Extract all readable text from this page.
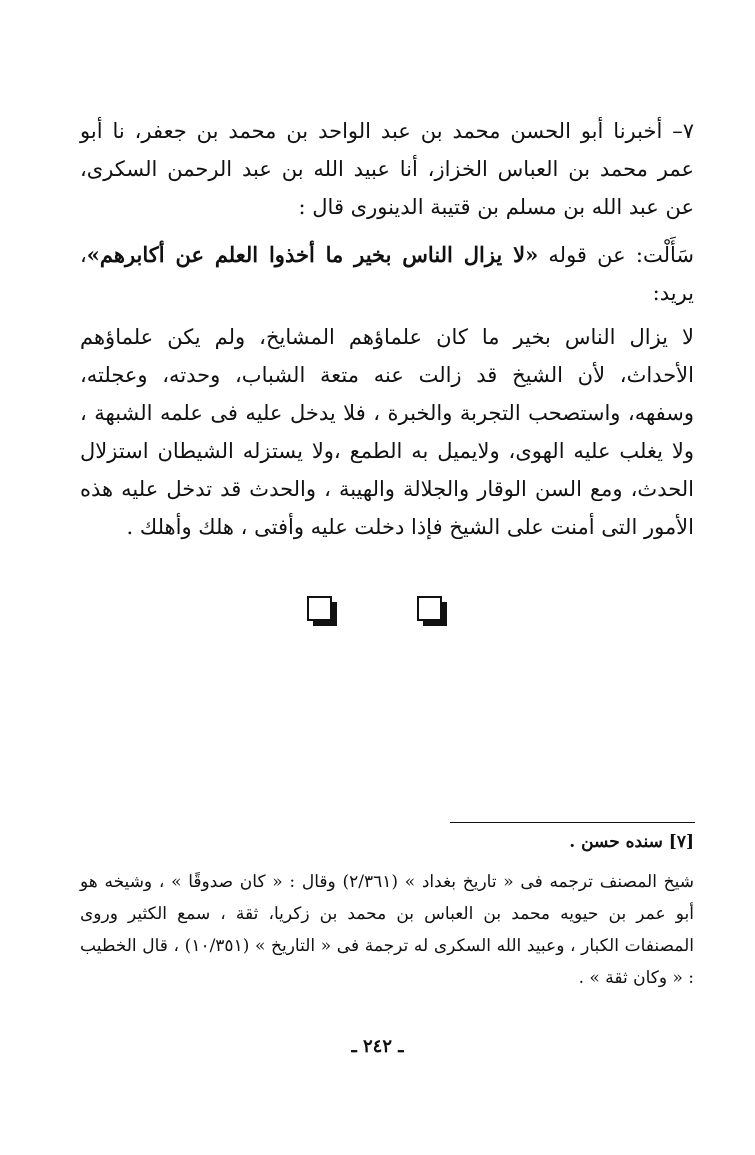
٧– أخبرنا أبو الحسن محمد بن عبد الواحد بن محمد بن جعفر، نا أبو عمر محمد بن العباس الخزاز، أنا عبيد الله بن عبد الرحمن السكرى، عن عبد الله بن مسلم بن قتيبة الدينورى قال :

سَأَلْت: عن قوله «لا يزال الناس بخير ما أخذوا العلم عن أكابرهم»، يريد:

لا يزال الناس بخير ما كان علماؤهم المشايخ، ولم يكن علماؤهم الأحداث، لأن الشيخ قد زالت عنه متعة الشباب، وحدته، وعجلته، وسفهه، واستصحب التجربة والخبرة ، فلا يدخل عليه فى علمه الشبهة ، ولا يغلب عليه الهوى، ولايميل به الطمع ،ولا يستزله الشيطان استزلال الحدث، ومع السن الوقار والجلالة والهيبة ، والحدث قد تدخل عليه هذه الأمور التى أمنت على الشيخ فإذا دخلت عليه وأفتى ، هلك وأهلك .

[٧] سنده حسن .

شيخ المصنف ترجمه فى « تاريخ بغداد » (٢/٣٦١) وقال : « كان صدوقًا » ، وشيخه هو أبو عمر بن حيويه محمد بن العباس بن محمد بن زكريا، ثقة ، سمع الكثير وروى المصنفات الكبار ، وعبيد الله السكرى له ترجمة فى « التاريخ » (١٠/٣٥١) ، قال الخطيب : « وكان ثقة » .

ـ ٢٤٢ ـ
